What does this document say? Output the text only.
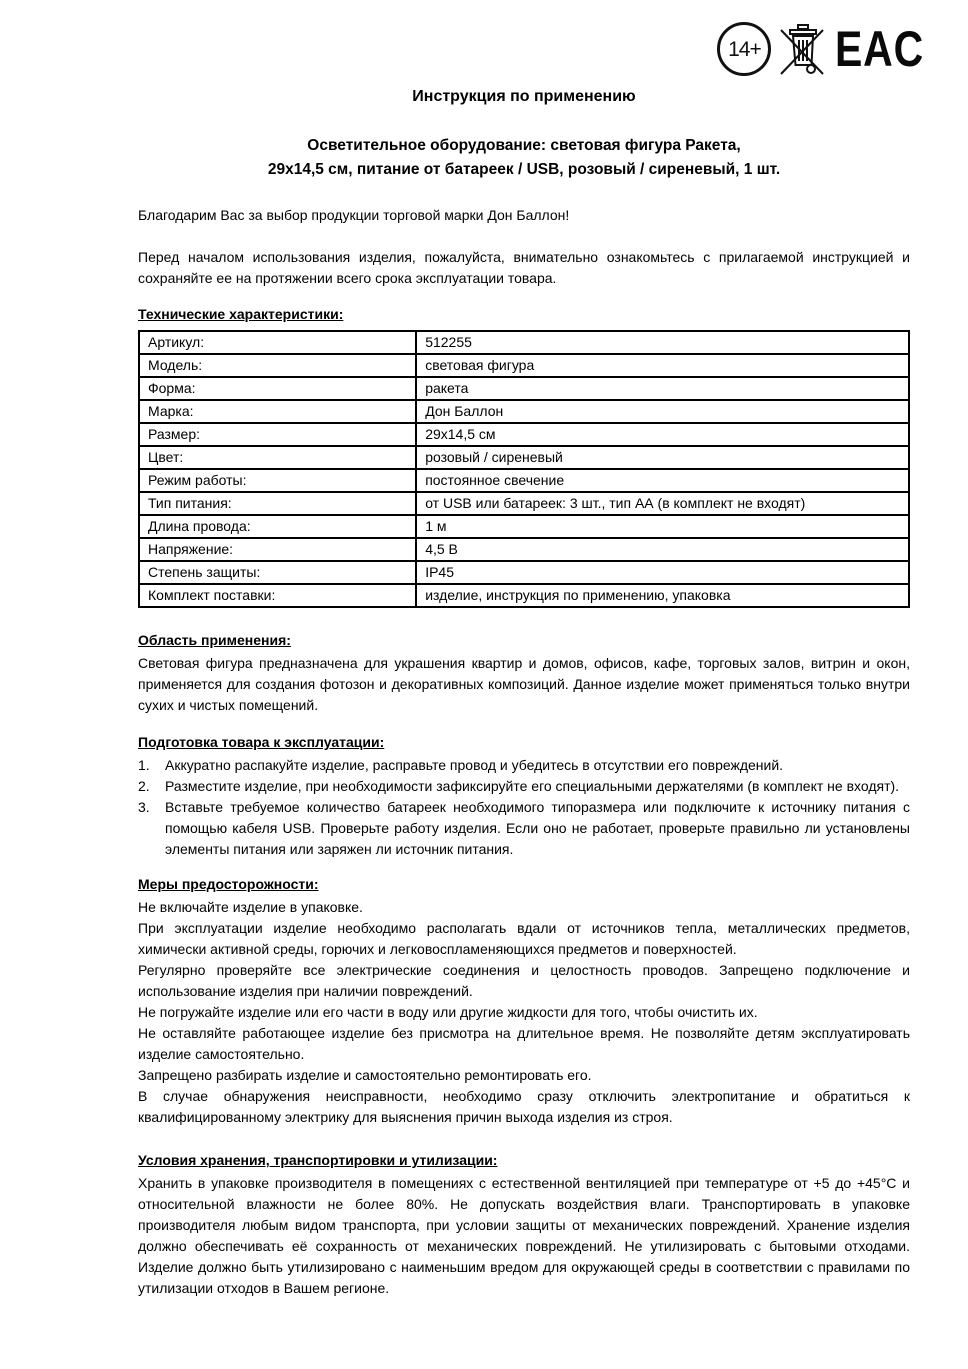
14+ EAC
Инструкция по применению
Осветительное оборудование: световая фигура Ракета,
29х14,5 см, питание от батареек / USB, розовый / сиреневый, 1 шт.

Благодарим Вас за выбор продукции торговой марки Дон Баллон!

Перед началом использования изделия, пожалуйста, внимательно ознакомьтесь с прилагаемой инструкцией и сохраняйте ее на протяжении всего срока эксплуатации товара.

Технические характеристики:
Артикул:	512255
Модель:	световая фигура
Форма:	ракета
Марка:	Дон Баллон
Размер:	29х14,5 см
Цвет:	розовый / сиреневый
Режим работы:	постоянное свечение
Тип питания:	от USB или батареек: 3 шт., тип АА (в комплект не входят)
Длина провода:	1 м
Напряжение:	4,5 В
Степень защиты:	IP45
Комплект поставки:	изделие, инструкция по применению, упаковка
Область применения:

Световая фигура предназначена для украшения квартир и домов, офисов, кафе, торговых залов, витрин и окон, применяется для создания фотозон и декоративных композиций. Данное изделие может применяться только внутри сухих и чистых помещений.

Подготовка товара к эксплуатации:
1.	Аккуратно распакуйте изделие, расправьте провод и убедитесь в отсутствии его повреждений.
2.	Разместите изделие, при необходимости зафиксируйте его специальными держателями (в комплект не входят).
3.	Вставьте требуемое количество батареек необходимого типоразмера или подключите к источнику питания с помощью кабеля USB. Проверьте работу изделия. Если оно не работает, проверьте правильно ли установлены элементы питания или заряжен ли источник питания.
Меры предосторожности:

Не включайте изделие в упаковке.

При эксплуатации изделие необходимо располагать вдали от источников тепла, металлических предметов, химически активной среды, горючих и легковоспламеняющихся предметов и поверхностей.

Регулярно проверяйте все электрические соединения и целостность проводов. Запрещено подключение и использование изделия при наличии повреждений.

Не погружайте изделие или его части в воду или другие жидкости для того, чтобы очистить их.

Не оставляйте работающее изделие без присмотра на длительное время. Не позволяйте детям эксплуатировать изделие самостоятельно.

Запрещено разбирать изделие и самостоятельно ремонтировать его.

В случае обнаружения неисправности, необходимо сразу отключить электропитание и обратиться к квалифицированному электрику для выяснения причин выхода изделия из строя.

Условия хранения, транспортировки и утилизации:

Хранить в упаковке производителя в помещениях с естественной вентиляцией при температуре от +5 до +45°С и относительной влажности не более 80%. Не допускать воздействия влаги. Транспортировать в упаковке производителя любым видом транспорта, при условии защиты от механических повреждений. Хранение изделия должно обеспечивать её сохранность от механических повреждений. Не утилизировать с бытовыми отходами. Изделие должно быть утилизировано с наименьшим вредом для окружающей среды в соответствии с правилами по утилизации отходов в Вашем регионе.
